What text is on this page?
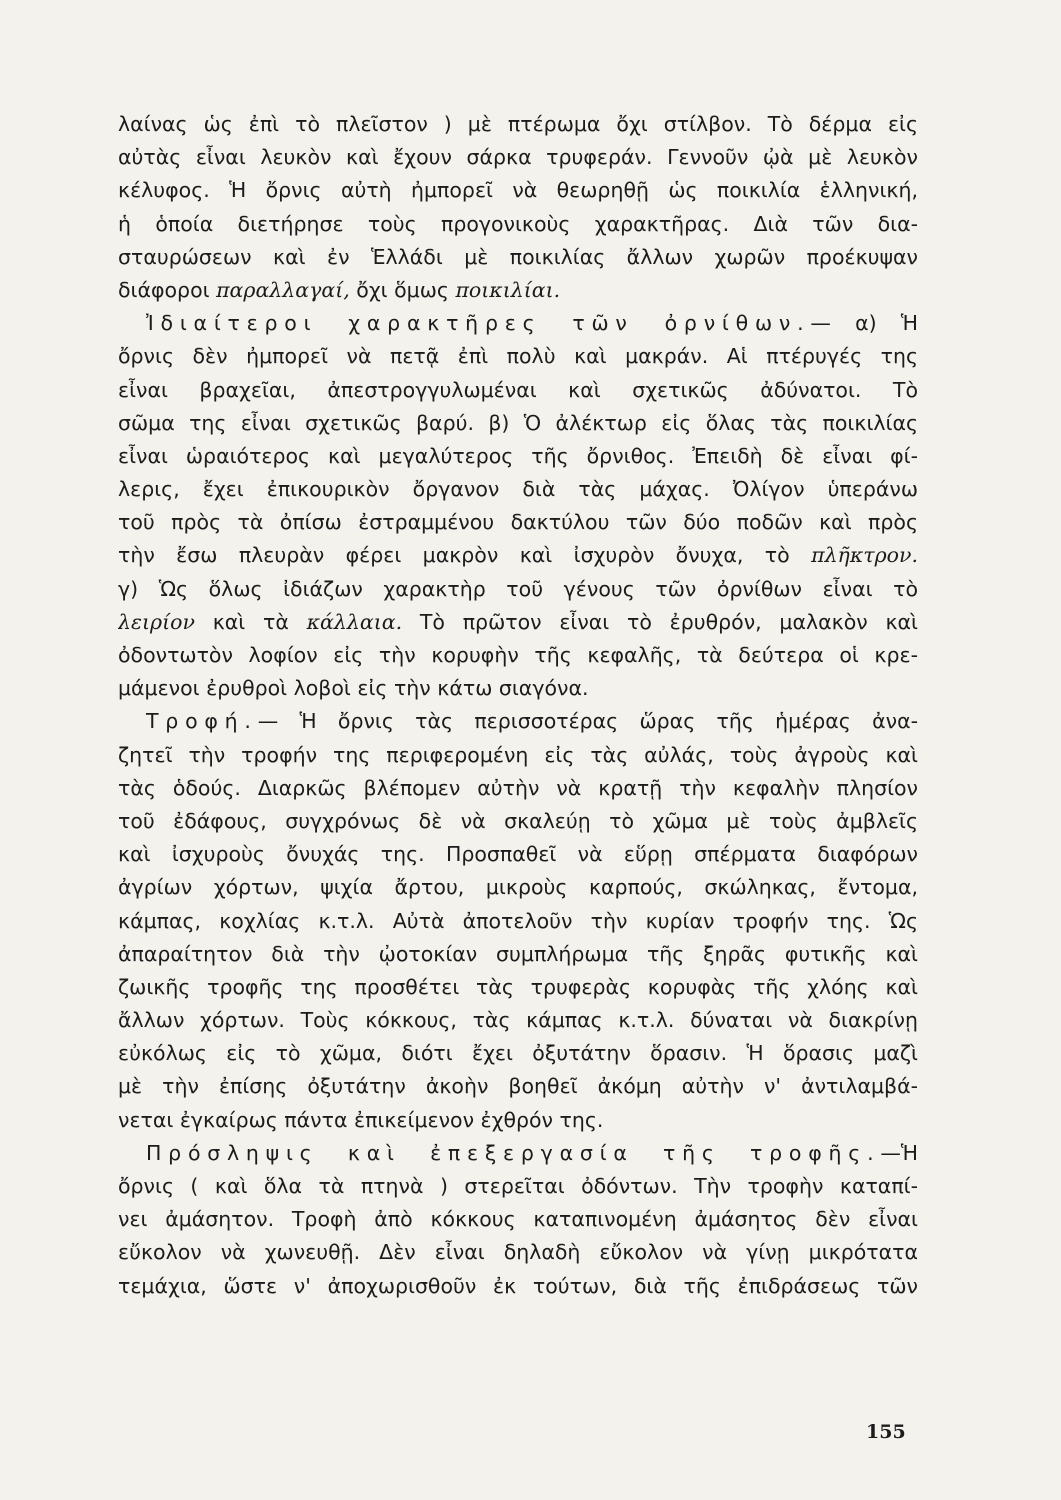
λαίνας ὡς ἐπὶ τὸ πλεῖστον ) μὲ πτέρωμα ὄχι στίλβον. Τὸ δέρμα εἰς
αὐτὰς εἶναι λευκὸν καὶ ἔχουν σάρκα τρυφεράν. Γεννοῦν ᾠὰ μὲ λευκὸν
κέλυφος. Ἡ ὄρνις αὐτὴ ἠμπορεῖ νὰ θεωρηθῇ ὡς ποικιλία ἑλληνική,
ἡ ὁποία διετήρησε τοὺς προγονικοὺς χαρακτῆρας. Διὰ τῶν δια-
σταυρώσεων καὶ ἐν Ἑλλάδι μὲ ποικιλίας ἄλλων χωρῶν προέκυψαν
διάφοροι παραλλαγαί, ὄχι ὅμως ποικιλίαι.
Ἰδιαίτεροι χαρακτῆρες τῶν ὀρνίθων.— α) Ἡ
ὄρνις δὲν ἠμπορεῖ νὰ πετᾷ ἐπὶ πολὺ καὶ μακράν. Αἱ πτέρυγές της
εἶναι βραχεῖαι, ἀπεστρογγυλωμέναι καὶ σχετικῶς ἀδύνατοι. Τὸ
σῶμα της εἶναι σχετικῶς βαρύ. β) Ὁ ἀλέκτωρ εἰς ὅλας τὰς ποικιλίας
εἶναι ὡραιότερος καὶ μεγαλύτερος τῆς ὄρνιθος. Ἐπειδὴ δὲ εἶναι φί-
λερις, ἔχει ἐπικουρικὸν ὄργανον διὰ τὰς μάχας. Ὀλίγον ὑπεράνω
τοῦ πρὸς τὰ ὀπίσω ἐστραμμένου δακτύλου τῶν δύο ποδῶν καὶ πρὸς
τὴν ἔσω πλευρὰν φέρει μακρὸν καὶ ἰσχυρὸν ὄνυχα, τὸ πλῆκτρον.
γ) Ὡς ὅλως ἰδιάζων χαρακτὴρ τοῦ γένους τῶν ὀρνίθων εἶναι τὸ
λειρίον καὶ τὰ κάλλαια. Τὸ πρῶτον εἶναι τὸ ἐρυθρόν, μαλακὸν καὶ
ὀδοντωτὸν λοφίον εἰς τὴν κορυφὴν τῆς κεφαλῆς, τὰ δεύτερα οἱ κρε-
μάμενοι ἐρυθροὶ λοβοὶ εἰς τὴν κάτω σιαγόνα.
Τροφή.— Ἡ ὄρνις τὰς περισσοτέρας ὥρας τῆς ἡμέρας ἀνα-
ζητεῖ τὴν τροφήν της περιφερομένη εἰς τὰς αὐλάς, τοὺς ἀγροὺς καὶ
τὰς ὁδούς. Διαρκῶς βλέπομεν αὐτὴν νὰ κρατῇ τὴν κεφαλὴν πλησίον
τοῦ ἐδάφους, συγχρόνως δὲ νὰ σκαλεύῃ τὸ χῶμα μὲ τοὺς ἀμβλεῖς
καὶ ἰσχυροὺς ὄνυχάς της. Προσπαθεῖ νὰ εὕρῃ σπέρματα διαφόρων
ἀγρίων χόρτων, ψιχία ἄρτου, μικροὺς καρπούς, σκώληκας, ἔντομα,
κάμπας, κοχλίας κ.τ.λ. Αὐτὰ ἀποτελοῦν τὴν κυρίαν τροφήν της. Ὡς
ἀπαραίτητον διὰ τὴν ᾠοτοκίαν συμπλήρωμα τῆς ξηρᾶς φυτικῆς καὶ
ζωικῆς τροφῆς της προσθέτει τὰς τρυφερὰς κορυφὰς τῆς χλόης καὶ
ἄλλων χόρτων. Τοὺς κόκκους, τὰς κάμπας κ.τ.λ. δύναται νὰ διακρίνῃ
εὐκόλως εἰς τὸ χῶμα, διότι ἔχει ὀξυτάτην ὅρασιν. Ἡ ὅρασις μαζὶ
μὲ τὴν ἐπίσης ὀξυτάτην ἀκοὴν βοηθεῖ ἀκόμη αὐτὴν ν' ἀντιλαμβά-
νεται ἐγκαίρως πάντα ἐπικείμενον ἐχθρόν της.
Πρόσληψις καὶ ἐπεξεργασία τῆς τροφῆς.—Ἡ
ὄρνις ( καὶ ὅλα τὰ πτηνὰ ) στερεῖται ὀδόντων. Τὴν τροφὴν καταπί-
νει ἀμάσητον. Τροφὴ ἀπὸ κόκκους καταπινομένη ἀμάσητος δὲν εἶναι
εὔκολον νὰ χωνευθῇ. Δὲν εἶναι δηλαδὴ εὔκολον νὰ γίνῃ μικρότατα
τεμάχια, ὥστε ν' ἀποχωρισθοῦν ἐκ τούτων, διὰ τῆς ἐπιδράσεως τῶν
155
